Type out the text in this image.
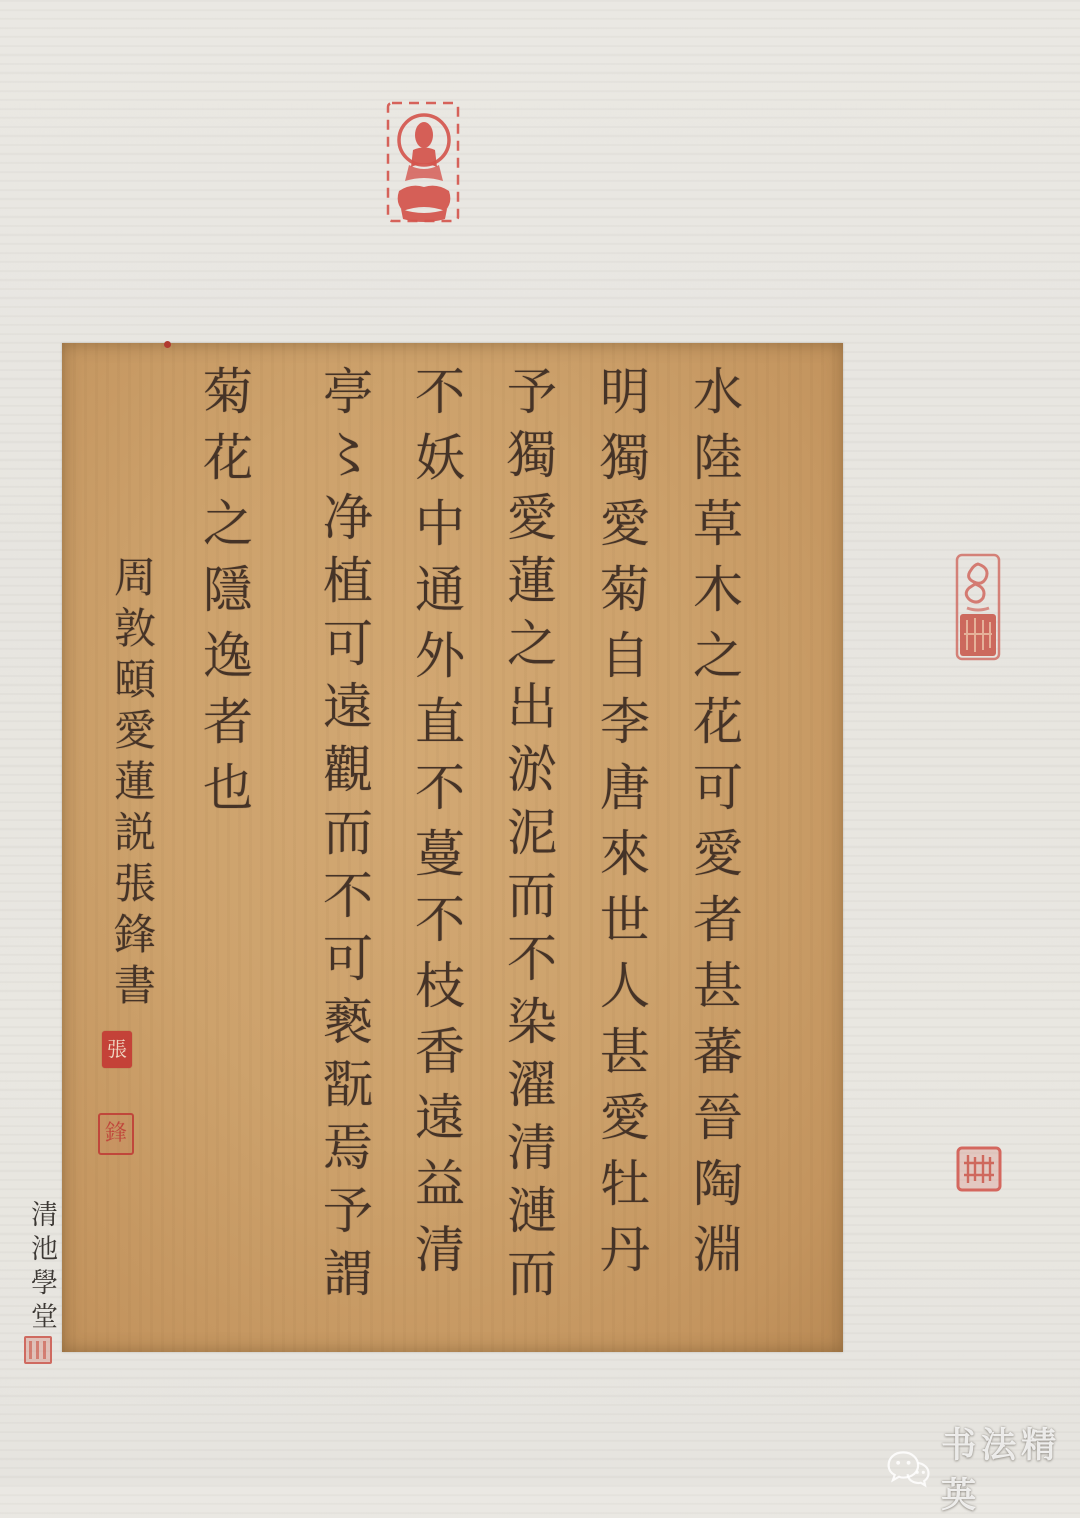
水陸草木之花可愛者甚蕃晉陶淵
明獨愛菊自李唐來世人甚愛牡丹
予獨愛蓮之出淤泥而不染濯清漣而
不妖中通外直不蔓不枝香遠益清
亭〻净植可遠觀而不可褻翫焉予謂
菊花之隱逸者也
周敦頤愛蓮説張鋒書
張
鋒
清池學堂
书法精英
